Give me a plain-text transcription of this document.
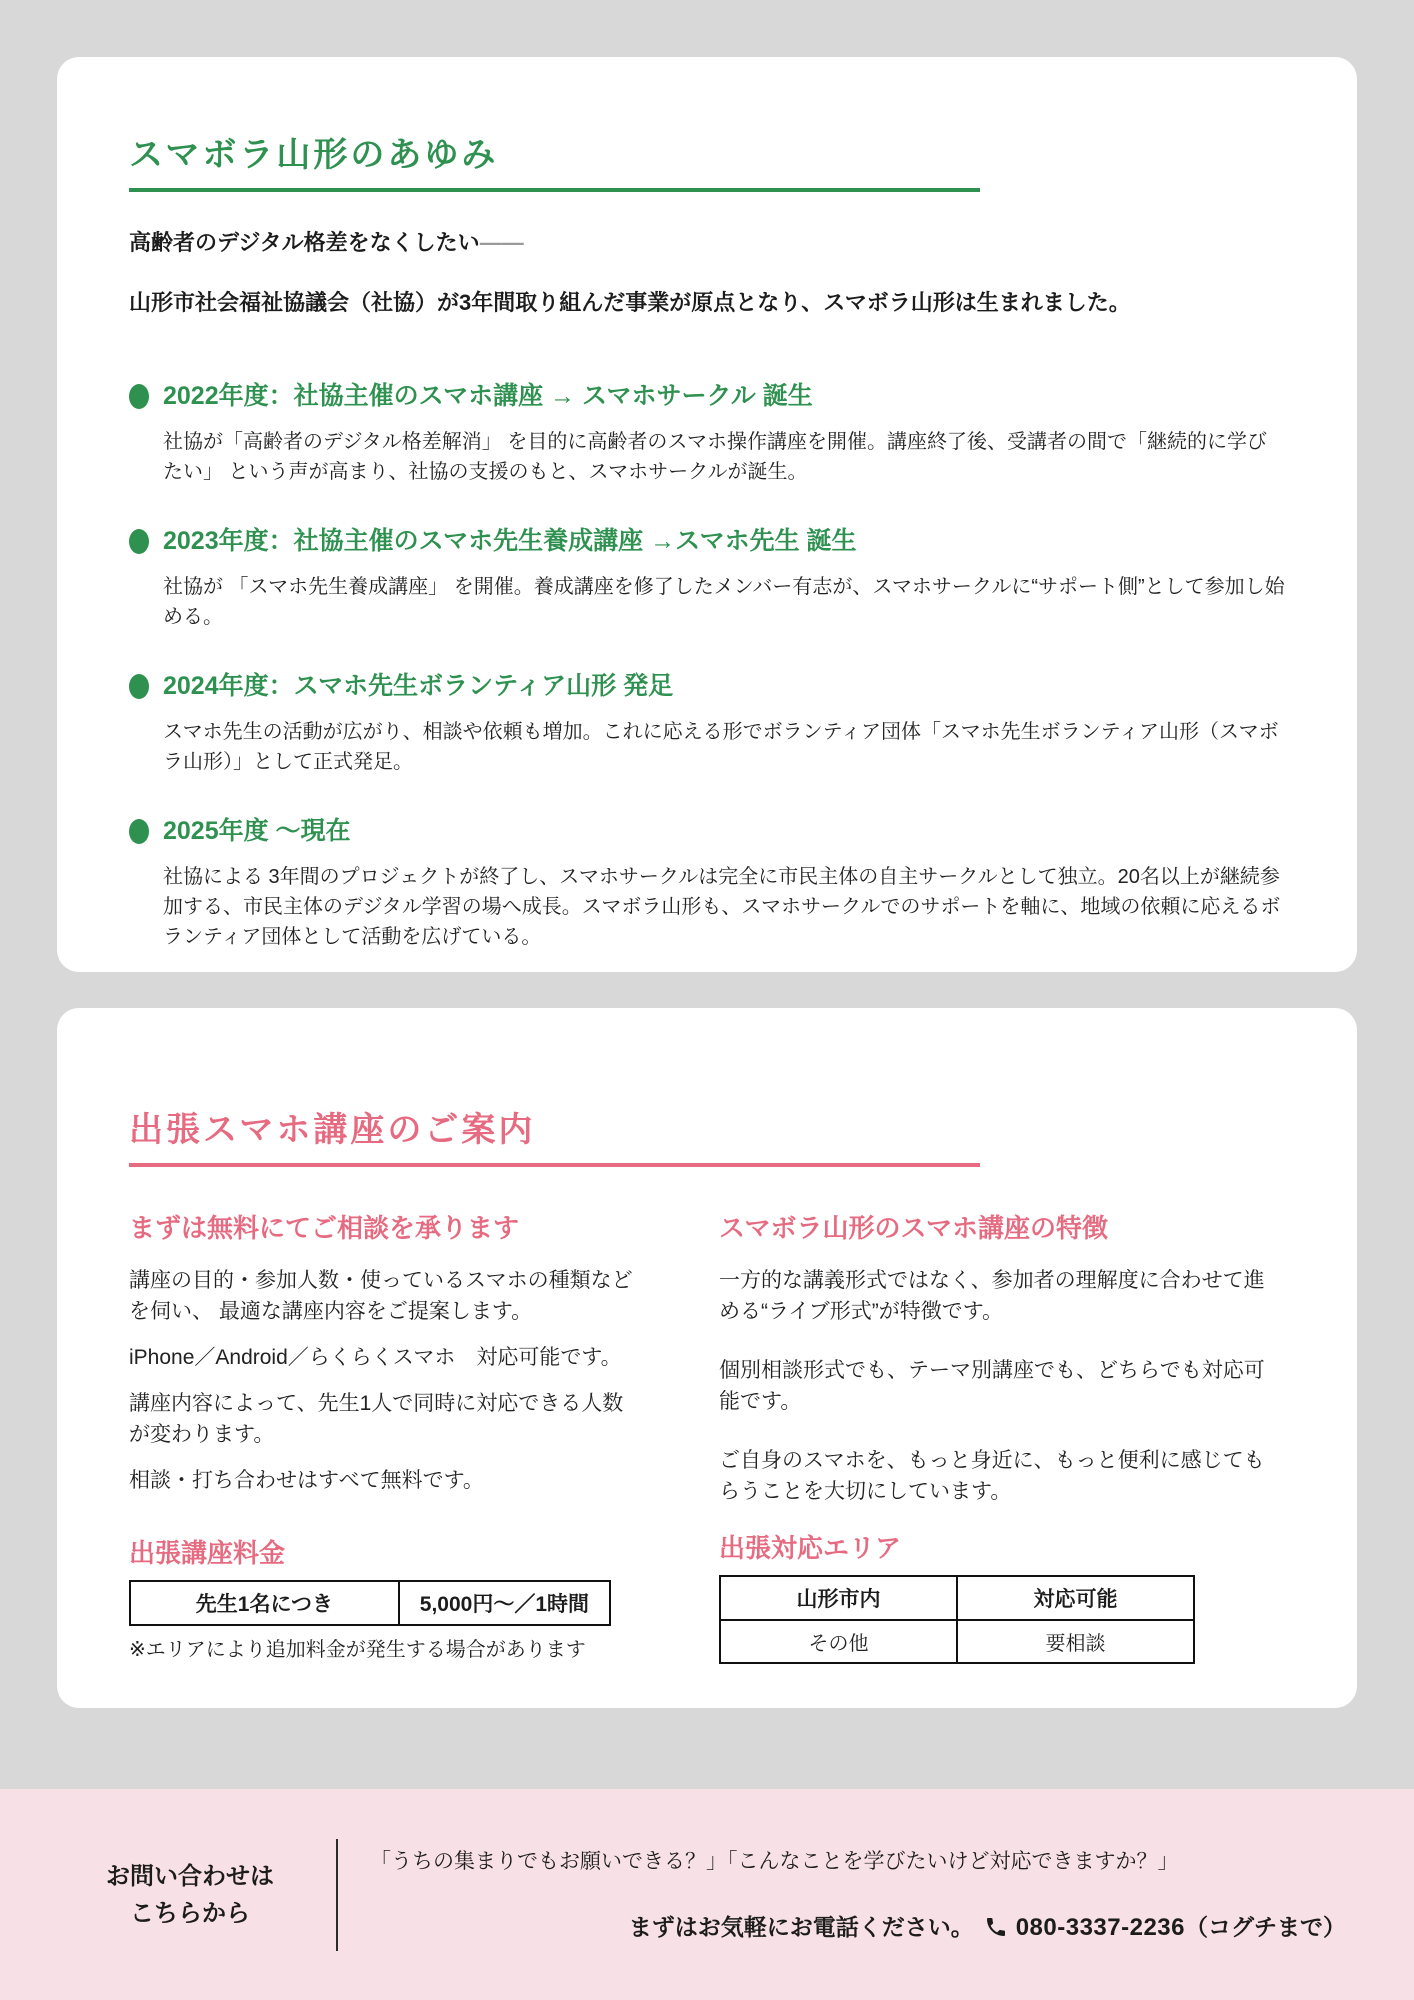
スマボラ山形のあゆみ

高齢者のデジタル格差をなくしたい――

山形市社会福祉協議会（社協）が3年間取り組んだ事業が原点となり、スマボラ山形は生まれました。

2022年度：社協主催のスマホ講座 → スマホサークル 誕生

社協が「高齢者のデジタル格差解消」 を目的に高齢者のスマホ操作講座を開催。講座終了後、受講者の間で「継続的に学びたい」 という声が高まり、社協の支援のもと、スマホサークルが誕生。

2023年度：社協主催のスマホ先生養成講座 →スマホ先生 誕生

社協が 「スマホ先生養成講座」 を開催。養成講座を修了したメンバー有志が、スマホサークルに“サポート側”として参加し始める。

2024年度：スマホ先生ボランティア山形 発足

スマホ先生の活動が広がり、相談や依頼も増加。これに応える形でボランティア団体「スマホ先生ボランティア山形（スマボラ山形）」として正式発足。

2025年度 ～現在

社協による 3年間のプロジェクトが終了し、スマホサークルは完全に市民主体の自主サークルとして独立。20名以上が継続参加する、市民主体のデジタル学習の場へ成長。スマボラ山形も、スマホサークルでのサポートを軸に、地域の依頼に応えるボランティア団体として活動を広げている。

出張スマホ講座のご案内
まずは無料にてご相談を承ります

講座の目的・参加人数・使っているスマホの種類などを伺い、 最適な講座内容をご提案します。

iPhone／Android／らくらくスマホ　対応可能です。

講座内容によって、先生1人で同時に対応できる人数が変わります。

相談・打ち合わせはすべて無料です。

出張講座料金
先生1名につき	5,000円～／1時間

※エリアにより追加料金が発生する場合があります

スマボラ山形のスマホ講座の特徴

一方的な講義形式ではなく、参加者の理解度に合わせて進める“ライブ形式”が特徴です。

個別相談形式でも、テーマ別講座でも、どちらでも対応可能です。

ご自身のスマホを、もっと身近に、もっと便利に感じてもらうことを大切にしています。

出張対応エリア
山形市内	対応可能
その他	要相談
お問い合わせは
こちらから

「うちの集まりでもお願いできる？」「こんなことを学びたいけど対応できますか？」

まずはお気軽にお電話ください。 080-3337-2236（コグチまで）
